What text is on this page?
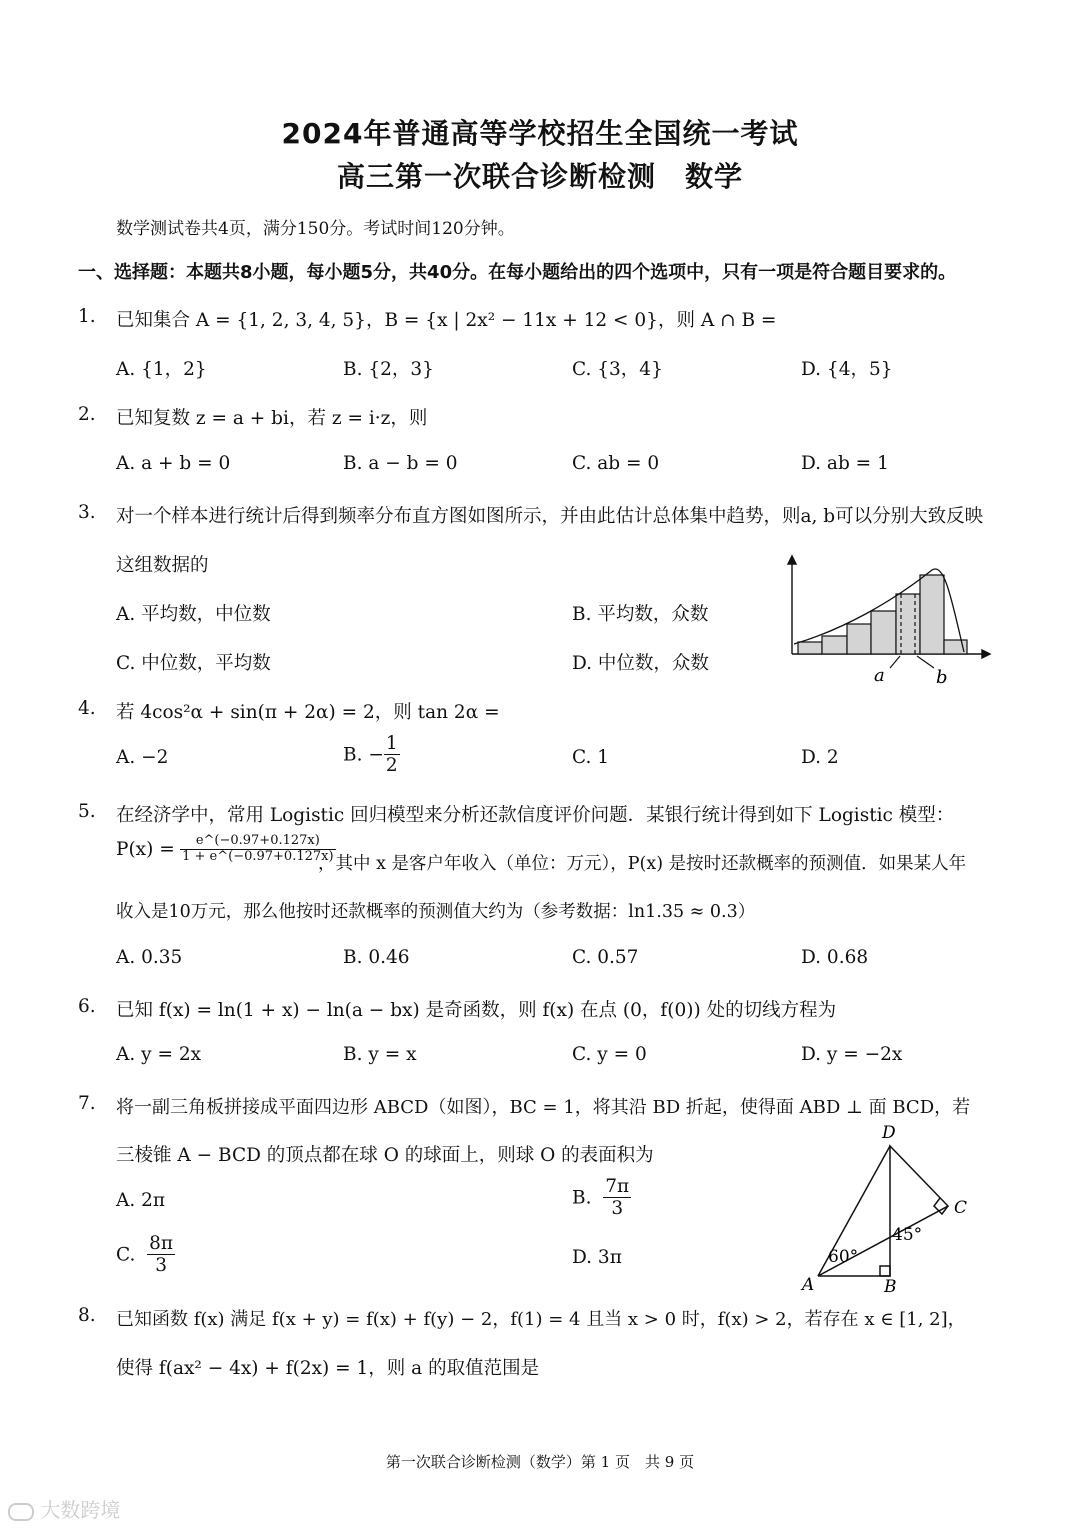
2024年普通高等学校招生全国统一考试
高三第一次联合诊断检测　数学
数学测试卷共4页，满分150分。考试时间120分钟。
一、选择题：本题共8小题，每小题5分，共40分。在每小题给出的四个选项中，只有一项是符合题目要求的。
1. 已知集合 A = {1, 2, 3, 4, 5}，B = {x | 2x² − 11x + 12 < 0}，则 A ∩ B =
A. {1，2}	B. {2，3}	C. {3，4}	D. {4，5}
2. 已知复数 z = a + bi，若 z = i·z，则
A. a + b = 0	B. a − b = 0	C. ab = 0	D. ab = 1
3. 对一个样本进行统计后得到频率分布直方图如图所示，并由此估计总体集中趋势，则a, b可以分别大致反映
这组数据的
A. 平均数，中位数	B. 平均数，众数
C. 中位数，平均数	D. 中位数，众数
a	b
4. 若 4cos²α + sin(π + 2α) = 2，则 tan 2α =
A. −2	B. − $\frac{1}{2}$	C. 1	D. 2
5. 在经济学中，常用 Logistic 回归模型来分析还款信度评价问题．某银行统计得到如下 Logistic 模型：
$P(x) = \frac{e\^{}(-0.97+0.127x)}{1 + e\^{}(-0.97+0.127x)}$
，其中 x 是客户年收入（单位：万元），P(x) 是按时还款概率的预测值．如果某人年
收入是10万元，那么他按时还款概率的预测值大约为（参考数据：ln1.35 ≈ 0.3）
A. 0.35	B. 0.46	C. 0.57	D. 0.68
6. 已知 f(x) = ln(1 + x) − ln(a − bx) 是奇函数，则 f(x) 在点 (0，f(0)) 处的切线方程为
A. y = 2x	B. y = x	C. y = 0	D. y = −2x
7. 将一副三角板拼接成平面四边形 ABCD（如图），BC = 1，将其沿 BD 折起，使得面 ABD ⊥ 面 BCD，若
三棱锥 A − BCD 的顶点都在球 O 的球面上，则球 O 的表面积为
A. 2π	B. $\frac{7\pi}{3}$
C. $\frac{8\pi}{3}$	D. 3π
D
C
A	B
60°
45°
8. 已知函数 f(x) 满足 f(x + y) = f(x) + f(y) − 2，f(1) = 4 且当 x > 0 时，f(x) > 2，若存在 x ∈ [1, 2]，
使得 f(ax² − 4x) + f(2x) = 1，则 a 的取值范围是
第一次联合诊断检测（数学）第 1 页　共 9 页
大数跨境
